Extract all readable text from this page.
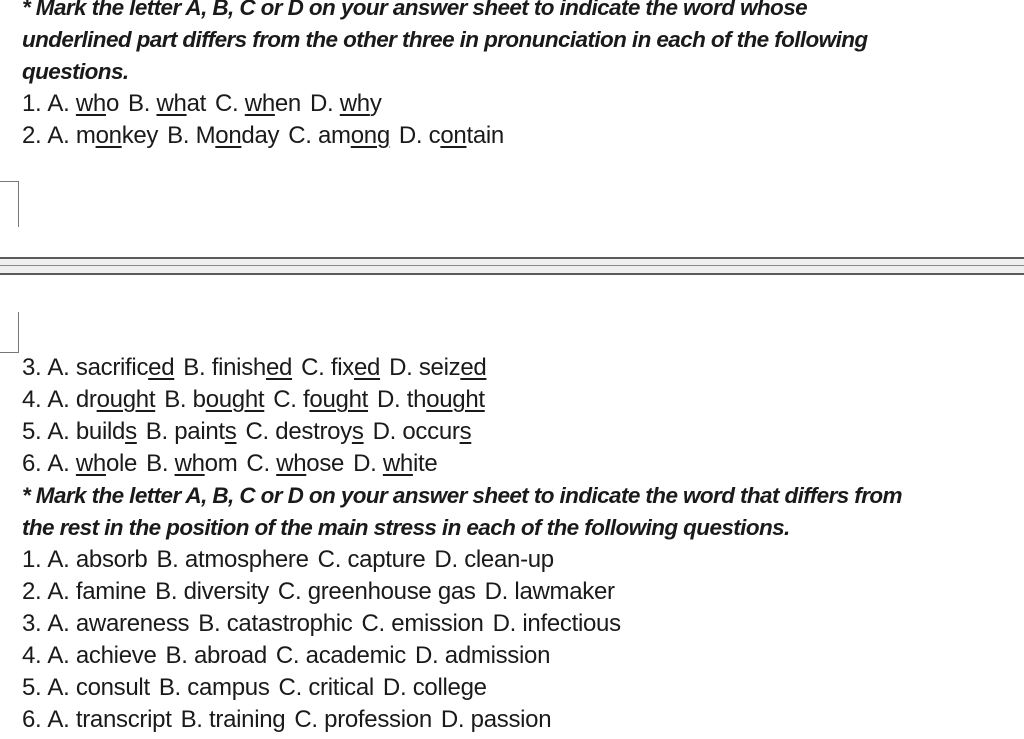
* Mark the letter A, B, C or D on your answer sheet to indicate the word whose

underlined part differs from the other three in pronunciation in each of the following

questions.

1. A. who B. what C. when D. why
2. A. monkey B. Monday C. among D. contain
3. A. sacrificed B. finished C. fixed D. seized
4. A. drought B. bought C. fought D. thought
5. A. builds B. paints C. destroys D. occurs
6. A. whole B. whom C. whose D. white

* Mark the letter A, B, C or D on your answer sheet to indicate the word that differs from

the rest in the position of the main stress in each of the following questions.

1. A. absorb B. atmosphere C. capture D. clean-up
2. A. famine B. diversity C. greenhouse gas D. lawmaker
3. A. awareness B. catastrophic C. emission D. infectious
4. A. achieve B. abroad C. academic D. admission
5. A. consult B. campus C. critical D. college
6. A. transcript B. training C. profession D. passion
